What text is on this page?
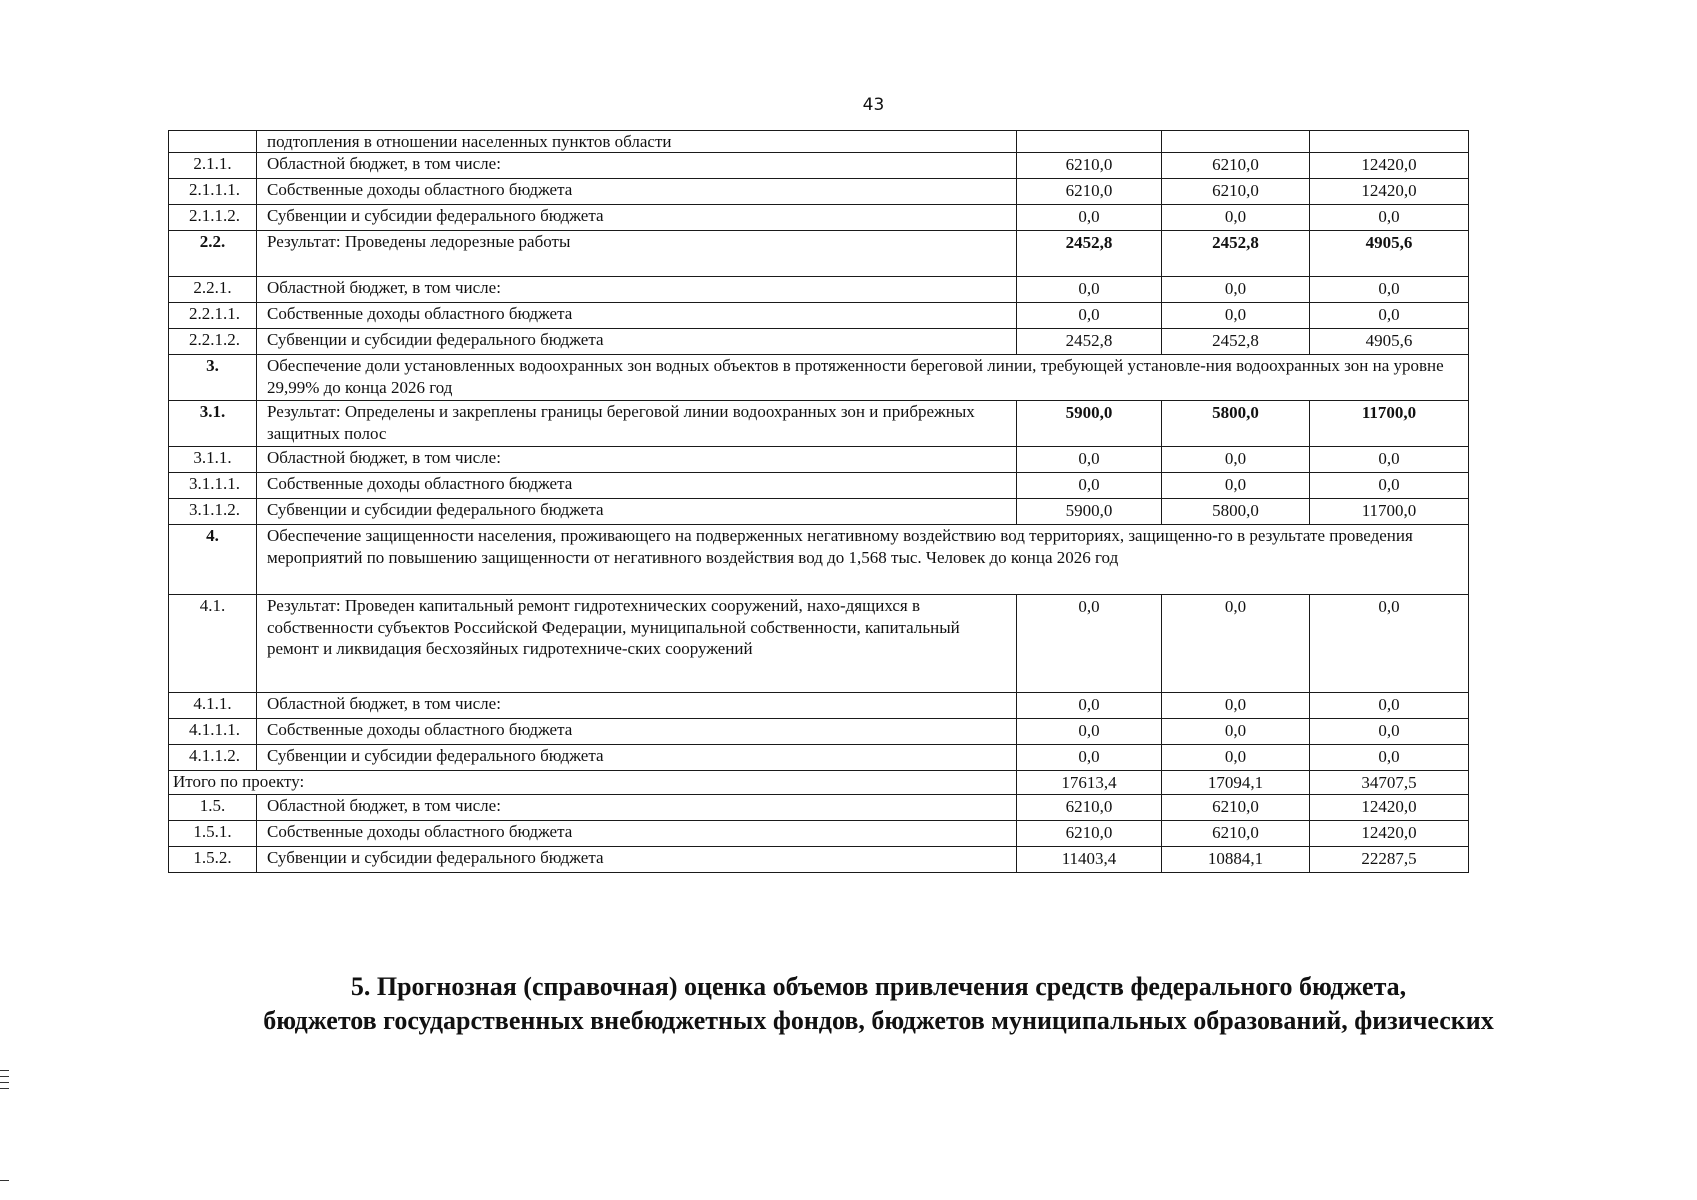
43
	подтопления в отношении населенных пунктов области			
2.1.1.	Областной бюджет, в том числе:	6210,0	6210,0	12420,0
2.1.1.1.	Собственные доходы областного бюджета	6210,0	6210,0	12420,0
2.1.1.2.	Субвенции и субсидии федерального бюджета	0,0	0,0	0,0
2.2.	Результат: Проведены ледорезные работы	2452,8	2452,8	4905,6
2.2.1.	Областной бюджет, в том числе:	0,0	0,0	0,0
2.2.1.1.	Собственные доходы областного бюджета	0,0	0,0	0,0
2.2.1.2.	Субвенции и субсидии федерального бюджета	2452,8	2452,8	4905,6
3.	Обеспечение доли установленных водоохранных зон водных объектов в протяженности береговой линии, требующей установле-ния водоохранных зон на уровне 29,99% до конца 2026 год			
3.1.	Результат: Определены и закреплены границы береговой линии водоохранных зон и прибрежных защитных полос	5900,0	5800,0	11700,0
3.1.1.	Областной бюджет, в том числе:	0,0	0,0	0,0
3.1.1.1.	Собственные доходы областного бюджета	0,0	0,0	0,0
3.1.1.2.	Субвенции и субсидии федерального бюджета	5900,0	5800,0	11700,0
4.	Обеспечение защищенности населения, проживающего на подверженных негативному воздействию вод территориях, защищенно-го в результате проведения мероприятий по повышению защищенности от негативного воздействия вод до 1,568 тыс. Человек до конца 2026 год			
4.1.	Результат: Проведен капитальный ремонт гидротехнических сооружений, нахо-дящихся в собственности субъектов Российской Федерации, муниципальной собственности, капитальный ремонт и ликвидация бесхозяйных гидротехниче-ских сооружений	0,0	0,0	0,0
4.1.1.	Областной бюджет, в том числе:	0,0	0,0	0,0
4.1.1.1.	Собственные доходы областного бюджета	0,0	0,0	0,0
4.1.1.2.	Субвенции и субсидии федерального бюджета	0,0	0,0	0,0
Итого по проекту:		17613,4	17094,1	34707,5
1.5.	Областной бюджет, в том числе:	6210,0	6210,0	12420,0
1.5.1.	Собственные доходы областного бюджета	6210,0	6210,0	12420,0
1.5.2.	Субвенции и субсидии федерального бюджета	11403,4	10884,1	22287,5
5. Прогнозная (справочная) оценка объемов привлечения средств федерального бюджета,
бюджетов государственных внебюджетных фондов, бюджетов муниципальных образований, физических
